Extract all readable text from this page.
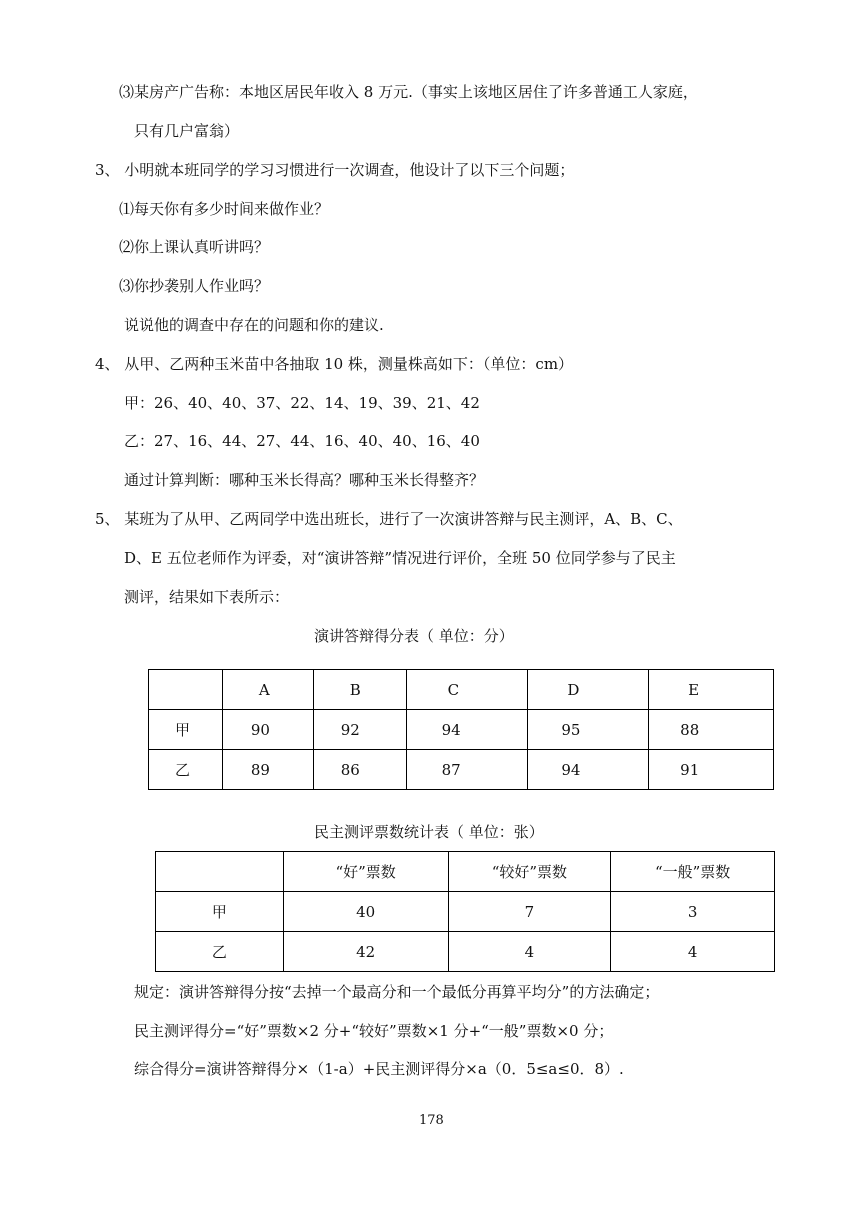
⑶某房产广告称：本地区居民年收入 8 万元.（事实上该地区居住了许多普通工人家庭，
只有几户富翁）
3、 小明就本班同学的学习习惯进行一次调查，他设计了以下三个问题；
⑴每天你有多少时间来做作业？
⑵你上课认真听讲吗？
⑶你抄袭别人作业吗？
说说他的调查中存在的问题和你的建议.
4、 从甲、乙两种玉米苗中各抽取 10 株，测量株高如下：（单位：cm）
甲：26、40、40、37、22、14、19、39、21、42
乙：27、16、44、27、44、16、40、40、16、40
通过计算判断：哪种玉米长得高？哪种玉米长得整齐？
5、 某班为了从甲、乙两同学中选出班长，进行了一次演讲答辩与民主测评，A、B、C、
D、E 五位老师作为评委，对“演讲答辩”情况进行评价，全班 50 位同学参与了民主
测评，结果如下表所示：
演讲答辩得分表（ 单位：分）
	A	B	C	D	E
甲	90	92	94	95	88
乙	89	86	87	94	91
民主测评票数统计表（ 单位：张）
	“好”票数	“较好”票数	“一般”票数
甲	40	7	3
乙	42	4	4
规定：演讲答辩得分按“去掉一个最高分和一个最低分再算平均分”的方法确定；
民主测评得分=“好”票数×2 分+“较好”票数×1 分+“一般”票数×0 分；
综合得分=演讲答辩得分×（1-a）+民主测评得分×a（0．5≤a≤0．8）.
178
